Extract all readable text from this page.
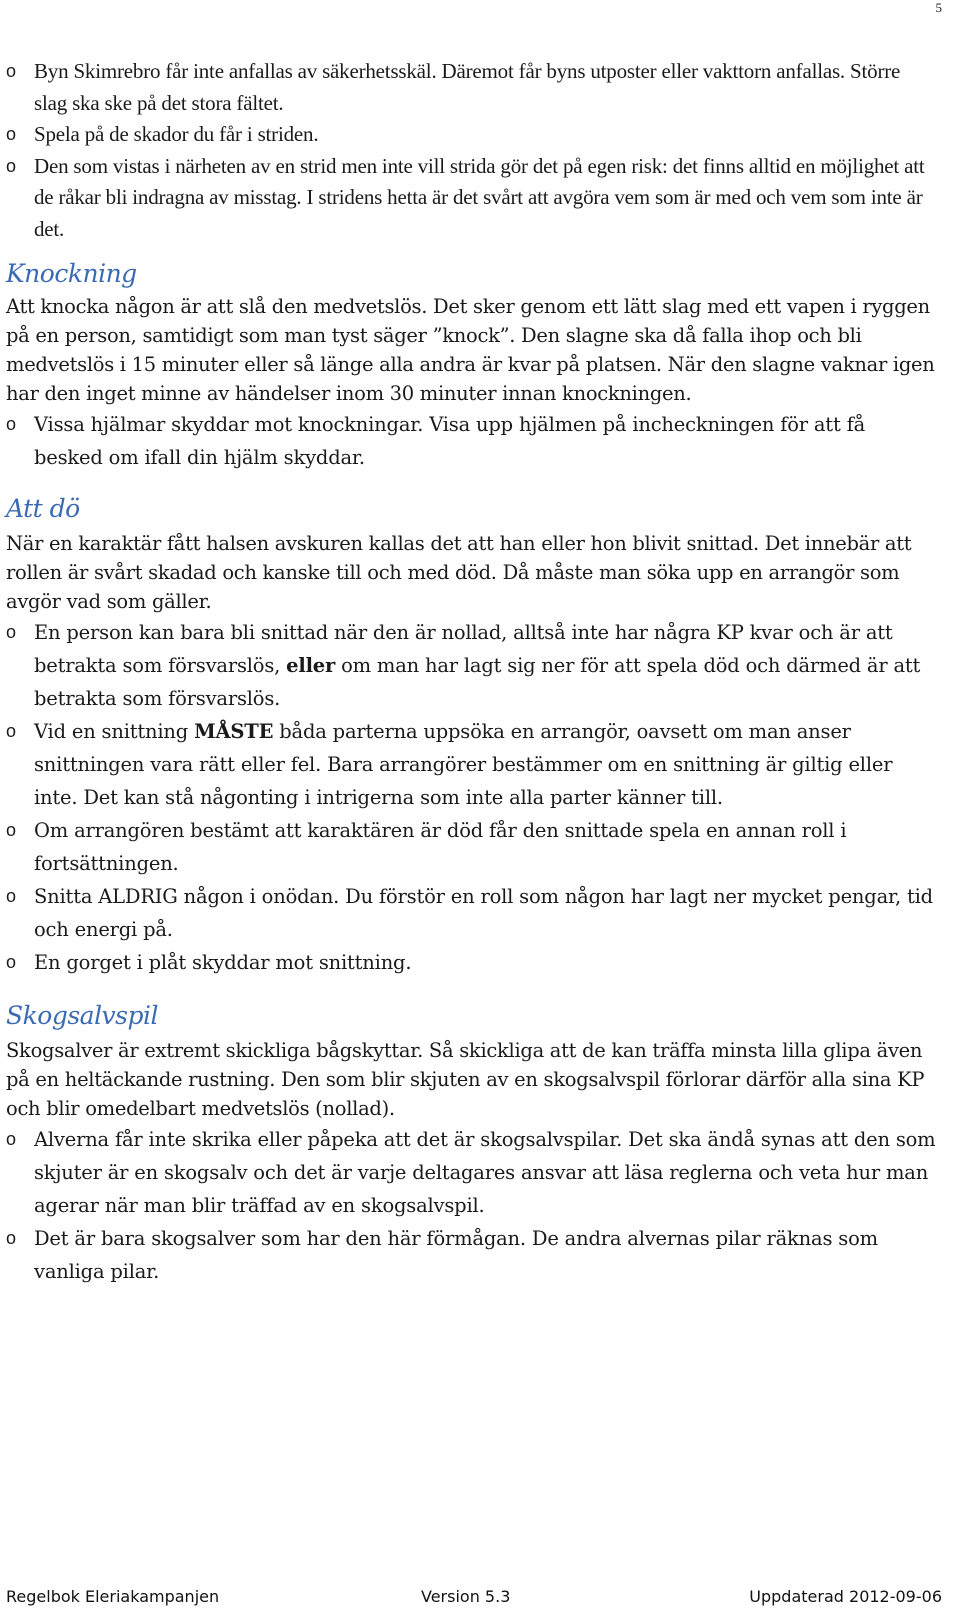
5
o Byn Skimrebro får inte anfallas av säkerhetsskäl. Däremot får byns utposter eller vakttorn anfallas. Större slag ska ske på det stora fältet.
o Spela på de skador du får i striden.
o Den som vistas i närheten av en strid men inte vill strida gör det på egen risk: det finns alltid en möjlighet att de råkar bli indragna av misstag. I stridens hetta är det svårt att avgöra vem som är med och vem som inte är det.
Knockning

Att knocka någon är att slå den medvetslös. Det sker genom ett lätt slag med ett vapen i ryggen på en person, samtidigt som man tyst säger ”knock”. Den slagne ska då falla ihop och bli medvetslös i 15 minuter eller så länge alla andra är kvar på platsen. När den slagne vaknar igen har den inget minne av händelser inom 30 minuter innan knockningen.

o Vissa hjälmar skyddar mot knockningar. Visa upp hjälmen på incheckningen för att få besked om ifall din hjälm skyddar.
Att dö

När en karaktär fått halsen avskuren kallas det att han eller hon blivit snittad. Det innebär att rollen är svårt skadad och kanske till och med död. Då måste man söka upp en arrangör som avgör vad som gäller.

o En person kan bara bli snittad när den är nollad, alltså inte har några KP kvar och är att betrakta som försvarslös, eller om man har lagt sig ner för att spela död och därmed är att betrakta som försvarslös.
o Vid en snittning MÅSTE båda parterna uppsöka en arrangör, oavsett om man anser snittningen vara rätt eller fel. Bara arrangörer bestämmer om en snittning är giltig eller inte. Det kan stå någonting i intrigerna som inte alla parter känner till.
o Om arrangören bestämt att karaktären är död får den snittade spela en annan roll i fortsättningen.
o Snitta ALDRIG någon i onödan. Du förstör en roll som någon har lagt ner mycket pengar, tid och energi på.
o En gorget i plåt skyddar mot snittning.
Skogsalvspil

Skogsalver är extremt skickliga bågskyttar. Så skickliga att de kan träffa minsta lilla glipa även på en heltäckande rustning. Den som blir skjuten av en skogsalvspil förlorar därför alla sina KP och blir omedelbart medvetslös (nollad).

o Alverna får inte skrika eller påpeka att det är skogsalvspilar. Det ska ändå synas att den som skjuter är en skogsalv och det är varje deltagares ansvar att läsa reglerna och veta hur man agerar när man blir träffad av en skogsalvspil.
o Det är bara skogsalver som har den här förmågan. De andra alvernas pilar räknas som vanliga pilar.
Regelbok Eleriakampanjen	Version 5.3	Uppdaterad 2012-09-06
